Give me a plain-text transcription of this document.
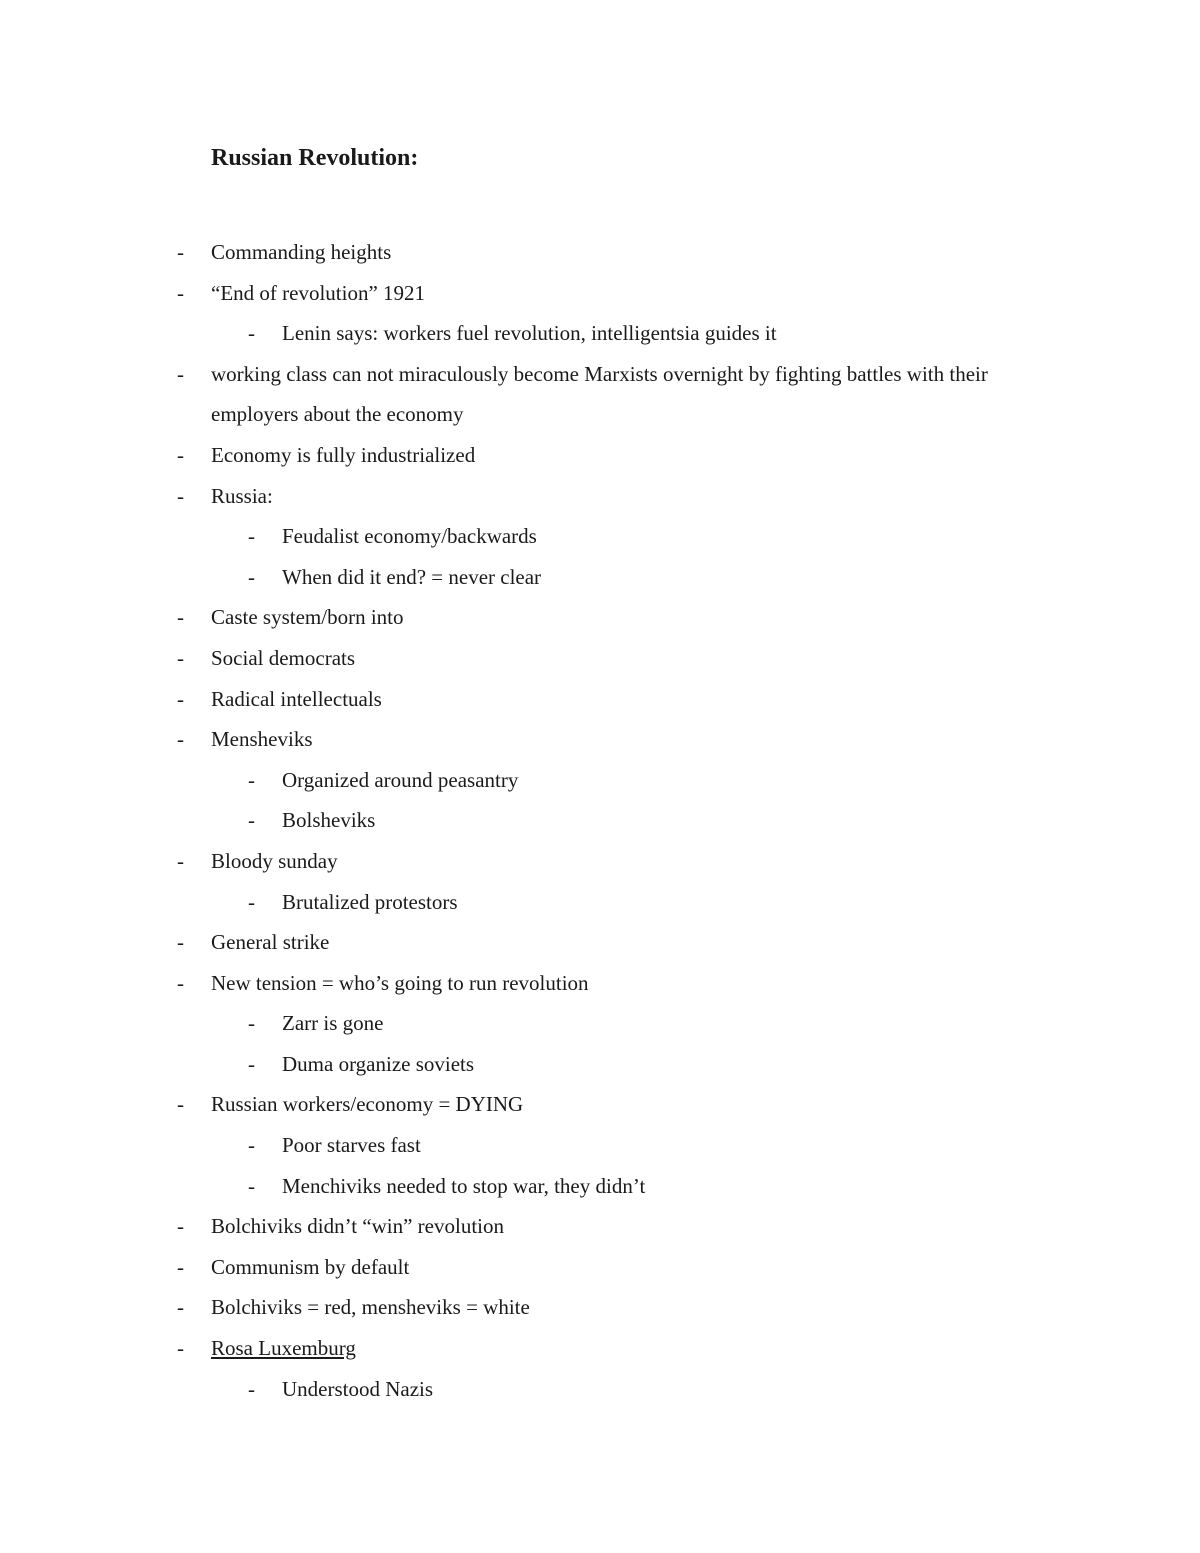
Russian Revolution:
- Commanding heights
- “End of revolution” 1921
- Lenin says: workers fuel revolution, intelligentsia guides it
- working class can not miraculously become Marxists overnight by fighting battles with their employers about the economy
- Economy is fully industrialized
- Russia:
- Feudalist economy/backwards
- When did it end? = never clear
- Caste system/born into
- Social democrats
- Radical intellectuals
- Mensheviks
- Organized around peasantry
- Bolsheviks
- Bloody sunday
- Brutalized protestors
- General strike
- New tension = who’s going to run revolution
- Zarr is gone
- Duma organize soviets
- Russian workers/economy = DYING
- Poor starves fast
- Menchiviks needed to stop war, they didn’t
- Bolchiviks didn’t “win” revolution
- Communism by default
- Bolchiviks = red, mensheviks = white
- Rosa Luxemburg
- Understood Nazis
